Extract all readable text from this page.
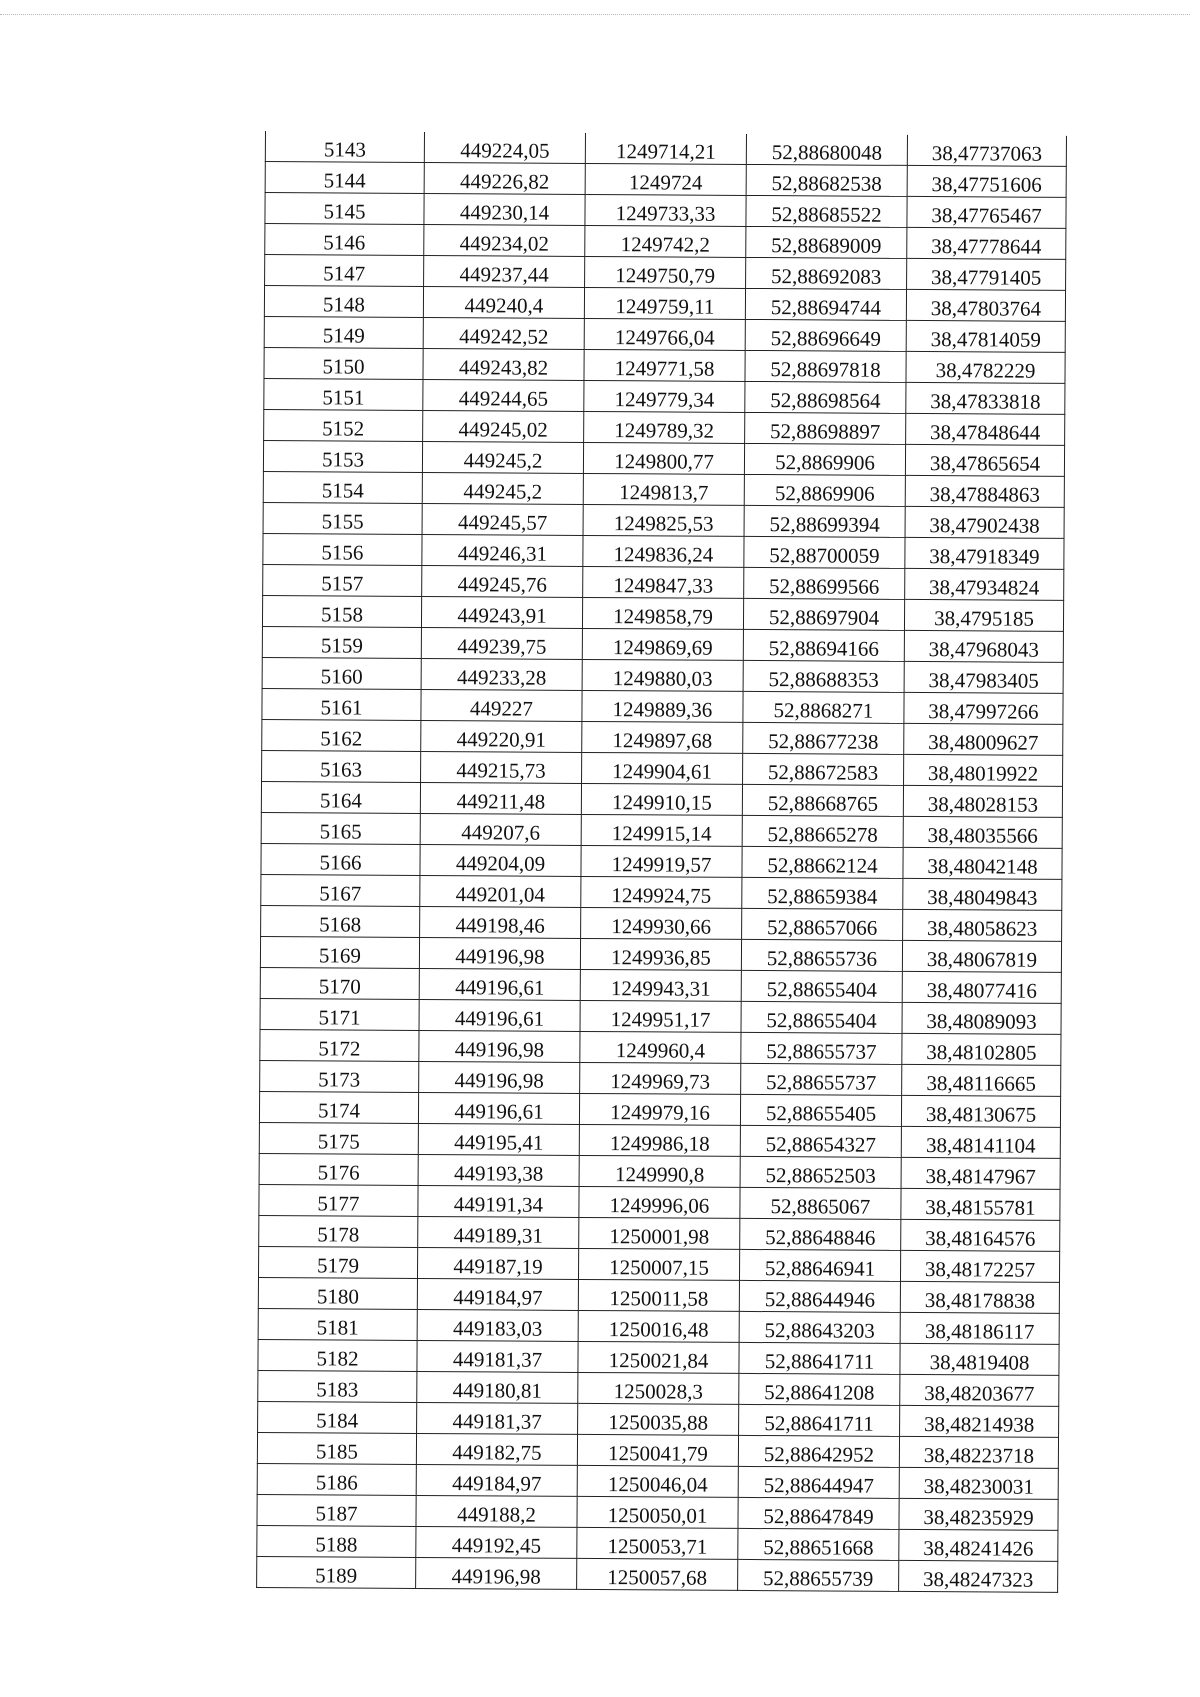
5143	449224,05	1249714,21	52,88680048	38,47737063
5144	449226,82	1249724	52,88682538	38,47751606
5145	449230,14	1249733,33	52,88685522	38,47765467
5146	449234,02	1249742,2	52,88689009	38,47778644
5147	449237,44	1249750,79	52,88692083	38,47791405
5148	449240,4	1249759,11	52,88694744	38,47803764
5149	449242,52	1249766,04	52,88696649	38,47814059
5150	449243,82	1249771,58	52,88697818	38,4782229
5151	449244,65	1249779,34	52,88698564	38,47833818
5152	449245,02	1249789,32	52,88698897	38,47848644
5153	449245,2	1249800,77	52,8869906	38,47865654
5154	449245,2	1249813,7	52,8869906	38,47884863
5155	449245,57	1249825,53	52,88699394	38,47902438
5156	449246,31	1249836,24	52,88700059	38,47918349
5157	449245,76	1249847,33	52,88699566	38,47934824
5158	449243,91	1249858,79	52,88697904	38,4795185
5159	449239,75	1249869,69	52,88694166	38,47968043
5160	449233,28	1249880,03	52,88688353	38,47983405
5161	449227	1249889,36	52,8868271	38,47997266
5162	449220,91	1249897,68	52,88677238	38,48009627
5163	449215,73	1249904,61	52,88672583	38,48019922
5164	449211,48	1249910,15	52,88668765	38,48028153
5165	449207,6	1249915,14	52,88665278	38,48035566
5166	449204,09	1249919,57	52,88662124	38,48042148
5167	449201,04	1249924,75	52,88659384	38,48049843
5168	449198,46	1249930,66	52,88657066	38,48058623
5169	449196,98	1249936,85	52,88655736	38,48067819
5170	449196,61	1249943,31	52,88655404	38,48077416
5171	449196,61	1249951,17	52,88655404	38,48089093
5172	449196,98	1249960,4	52,88655737	38,48102805
5173	449196,98	1249969,73	52,88655737	38,48116665
5174	449196,61	1249979,16	52,88655405	38,48130675
5175	449195,41	1249986,18	52,88654327	38,48141104
5176	449193,38	1249990,8	52,88652503	38,48147967
5177	449191,34	1249996,06	52,8865067	38,48155781
5178	449189,31	1250001,98	52,88648846	38,48164576
5179	449187,19	1250007,15	52,88646941	38,48172257
5180	449184,97	1250011,58	52,88644946	38,48178838
5181	449183,03	1250016,48	52,88643203	38,48186117
5182	449181,37	1250021,84	52,88641711	38,4819408
5183	449180,81	1250028,3	52,88641208	38,48203677
5184	449181,37	1250035,88	52,88641711	38,48214938
5185	449182,75	1250041,79	52,88642952	38,48223718
5186	449184,97	1250046,04	52,88644947	38,48230031
5187	449188,2	1250050,01	52,88647849	38,48235929
5188	449192,45	1250053,71	52,88651668	38,48241426
5189	449196,98	1250057,68	52,88655739	38,48247323
